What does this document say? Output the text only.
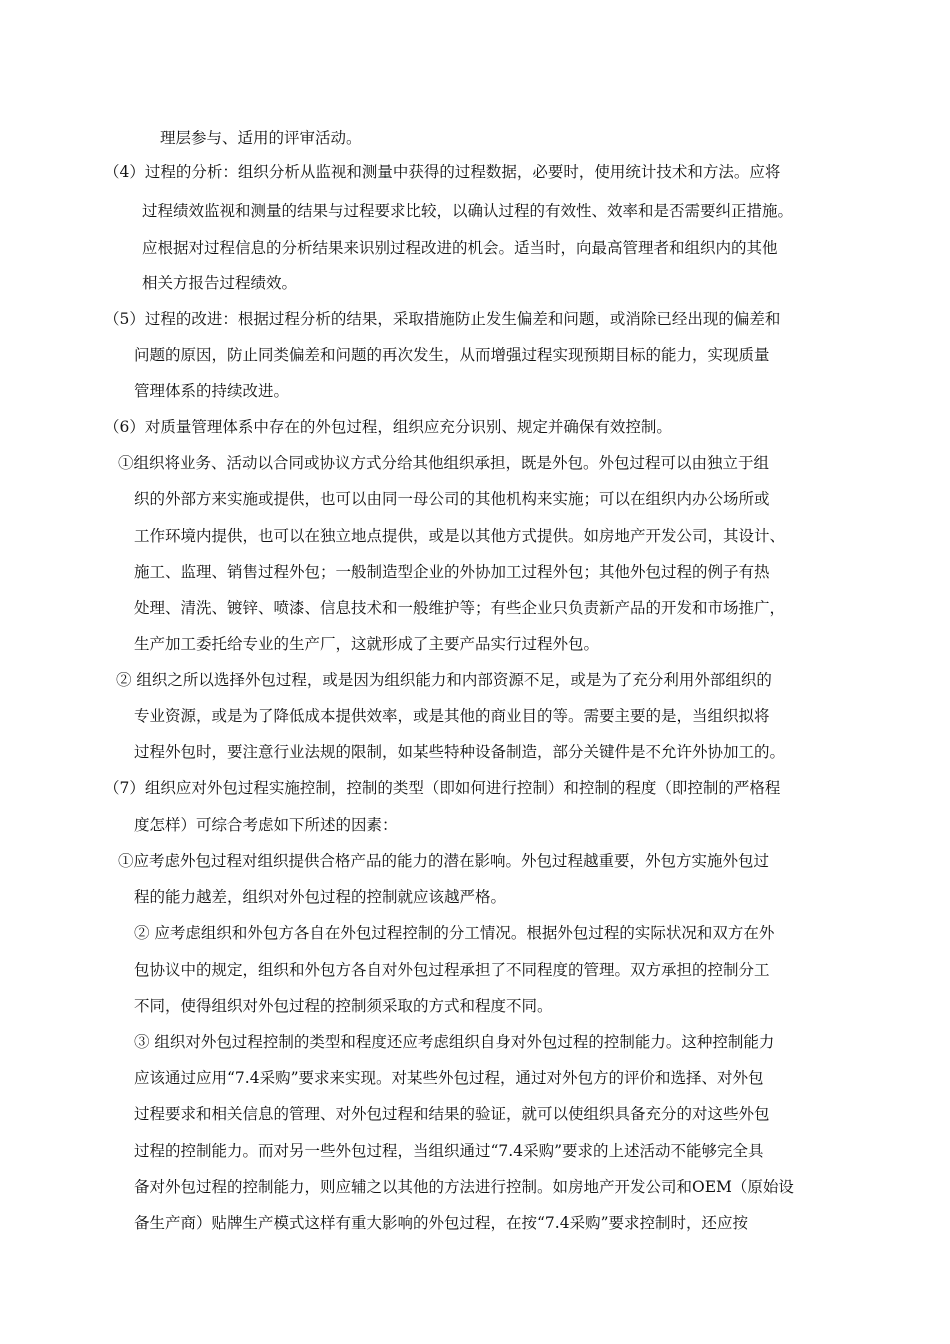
理层参与、适用的评审活动。
（4）过程的分析：组织分析从监视和测量中获得的过程数据，必要时，使用统计技术和方法。应将
过程绩效监视和测量的结果与过程要求比较，以确认过程的有效性、效率和是否需要纠正措施。
应根据对过程信息的分析结果来识别过程改进的机会。适当时，向最高管理者和组织内的其他
相关方报告过程绩效。
（5）过程的改进：根据过程分析的结果，采取措施防止发生偏差和问题，或消除已经出现的偏差和
问题的原因，防止同类偏差和问题的再次发生，从而增强过程实现预期目标的能力，实现质量
管理体系的持续改进。
（6）对质量管理体系中存在的外包过程，组织应充分识别、规定并确保有效控制。
①组织将业务、活动以合同或协议方式分给其他组织承担，既是外包。外包过程可以由独立于组
织的外部方来实施或提供，也可以由同一母公司的其他机构来实施；可以在组织内办公场所或
工作环境内提供，也可以在独立地点提供，或是以其他方式提供。如房地产开发公司，其设计、
施工、监理、销售过程外包；一般制造型企业的外协加工过程外包；其他外包过程的例子有热
处理、清洗、镀锌、喷漆、信息技术和一般维护等；有些企业只负责新产品的开发和市场推广，
生产加工委托给专业的生产厂，这就形成了主要产品实行过程外包。
② 组织之所以选择外包过程，或是因为组织能力和内部资源不足，或是为了充分利用外部组织的
专业资源，或是为了降低成本提供效率，或是其他的商业目的等。需要主要的是，当组织拟将
过程外包时，要注意行业法规的限制，如某些特种设备制造，部分关键件是不允许外协加工的。
（7）组织应对外包过程实施控制，控制的类型（即如何进行控制）和控制的程度（即控制的严格程
度怎样）可综合考虑如下所述的因素：
①应考虑外包过程对组织提供合格产品的能力的潜在影响。外包过程越重要，外包方实施外包过
程的能力越差，组织对外包过程的控制就应该越严格。
② 应考虑组织和外包方各自在外包过程控制的分工情况。根据外包过程的实际状况和双方在外
包协议中的规定，组织和外包方各自对外包过程承担了不同程度的管理。双方承担的控制分工
不同，使得组织对外包过程的控制须采取的方式和程度不同。
③ 组织对外包过程控制的类型和程度还应考虑组织自身对外包过程的控制能力。这种控制能力
应该通过应用“7.4采购”要求来实现。对某些外包过程，通过对外包方的评价和选择、对外包
过程要求和相关信息的管理、对外包过程和结果的验证，就可以使组织具备充分的对这些外包
过程的控制能力。而对另一些外包过程，当组织通过“7.4采购”要求的上述活动不能够完全具
备对外包过程的控制能力，则应辅之以其他的方法进行控制。如房地产开发公司和OEM（原始设
备生产商）贴牌生产模式这样有重大影响的外包过程，在按“7.4采购”要求控制时，还应按
